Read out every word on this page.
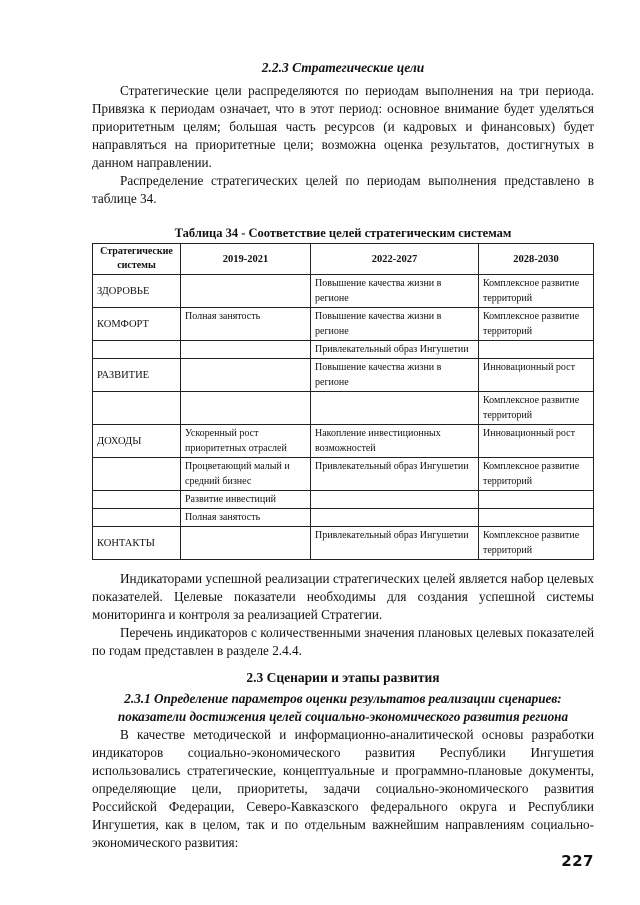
2.2.3 Стратегические цели

Стратегические цели распределяются по периодам выполнения на три периода. Привязка к периодам означает, что в этот период: основное внимание будет уделяться приоритетным целям; большая часть ресурсов (и кадровых и финансовых) будет направляться на приоритетные цели; возможна оценка результатов, достигнутых в данном направлении.

Распределение стратегических целей по периодам выполнения представлено в таблице 34.

Таблица 34 - Соответствие целей стратегическим системам
Стратегические системы	2019-2021	2022-2027	2028-2030
ЗДОРОВЬЕ		Повышение качества жизни в регионе	Комплексное развитие территорий
КОМФОРТ	Полная занятость	Повышение качества жизни в регионе	Комплексное развитие территорий
		Привлекательный образ Ингушетии	
РАЗВИТИЕ		Повышение качества жизни в регионе	Инновационный рост
			Комплексное развитие территорий
ДОХОДЫ	Ускоренный рост приоритетных отраслей	Накопление инвестиционных возможностей	Инновационный рост
	Процветающий малый и средний бизнес	Привлекательный образ Ингушетии	Комплексное развитие территорий
	Развитие инвестиций		
	Полная занятость		
КОНТАКТЫ		Привлекательный образ Ингушетии	Комплексное развитие территорий

Индикаторами успешной реализации стратегических целей является набор целевых показателей. Целевые показатели необходимы для создания успешной системы мониторинга и контроля за реализацией Стратегии.

Перечень индикаторов с количественными значения плановых целевых показателей по годам представлен в разделе 2.4.4.

2.3 Сценарии и этапы развития
2.3.1 Определение параметров оценки результатов реализации сценариев:
показатели достижения целей социально-экономического развития региона

В качестве методической и информационно-аналитической основы разработки индикаторов социально-экономического развития Республики Ингушетия использовались стратегические, концептуальные и программно-плановые документы, определяющие цели, приоритеты, задачи социально-экономического развития Российской Федерации, Северо-Кавказского федерального округа и Республики Ингушетия, как в целом, так и по отдельным важнейшим направлениям социально-экономического развития:

227
